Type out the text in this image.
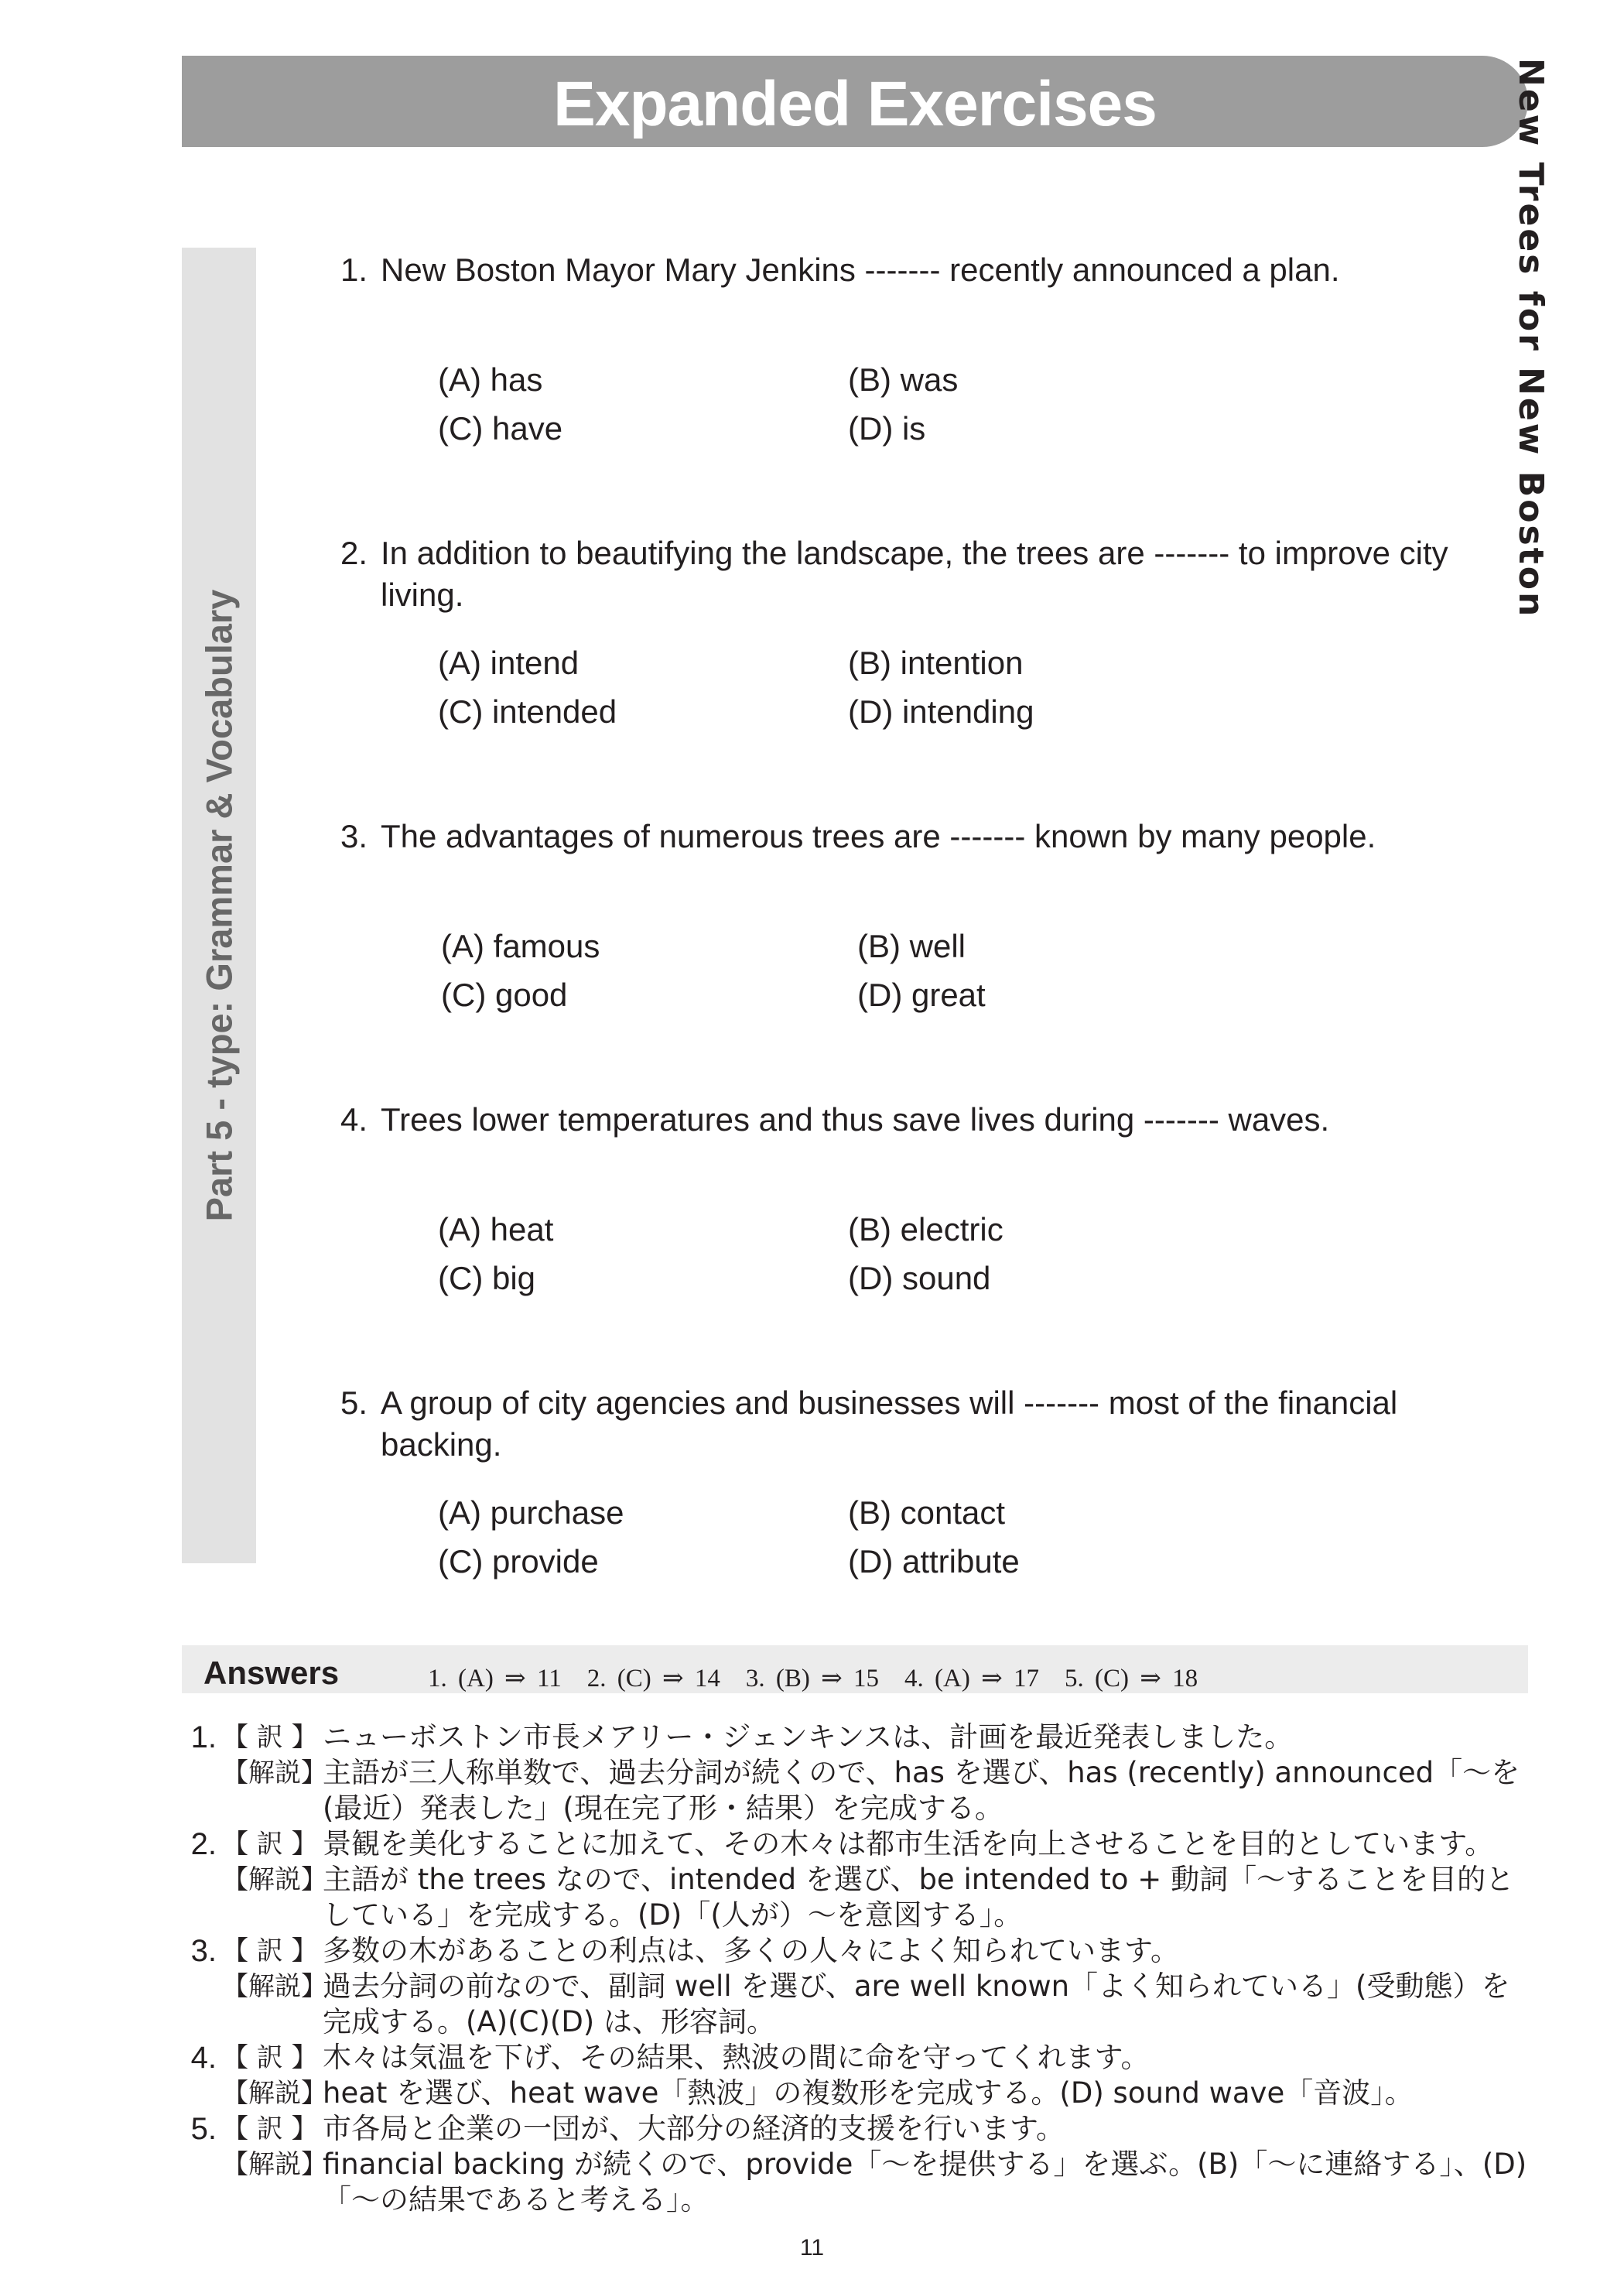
Expanded Exercises	New Trees for New Boston
Part 5 - type: Grammar & Vocabulary
1. New Boston Mayor Mary Jenkins ------- recently announced a plan.
(A) has	(B) was
(C) have	(D) is
2. In addition to beautifying the landscape, the trees are ------- to improve city
living.
(A) intend	(B) intention
(C) intended	(D) intending
3. The advantages of numerous trees are ------- known by many people.
(A) famous	(B) well
(C) good	(D) great
4. Trees lower temperatures and thus save lives during ------- waves.
(A) heat	(B) electric
(C) big	(D) sound
5. A group of city agencies and businesses will ------- most of the financial
backing.
(A) purchase	(B) contact
(C) provide	(D) attribute
Answers	1. (A) ⇒ 11　2. (C) ⇒ 14　3. (B) ⇒ 15　4. (A) ⇒ 17　5. (C) ⇒ 18
1. 【 訳 】 ニューボストン市長メアリー・ジェンキンスは、計画を最近発表しました。
【解説】
主語が三人称単数で、過去分詞が続くので、has を選び、has (recently) announced「〜を
(最近）発表した」(現在完了形・結果）を完成する。
2. 【 訳 】 景観を美化することに加えて、その木々は都市生活を向上させることを目的としています。
【解説】
主語が the trees なので、intended を選び、be intended to + 動詞「〜することを目的と
している」を完成する。(D)「(人が）〜を意図する」。
3. 【 訳 】 多数の木があることの利点は、多くの人々によく知られています。
【解説】
過去分詞の前なので、副詞 well を選び、are well known「よく知られている」(受動態）を
完成する。(A)(C)(D) は、形容詞。
4. 【 訳 】 木々は気温を下げ、その結果、熱波の間に命を守ってくれます。
【解説】
heat を選び、heat wave「熱波」の複数形を完成する。(D) sound wave「音波」。
5. 【 訳 】 市各局と企業の一団が、大部分の経済的支援を行います。
【解説】
financial backing が続くので、provide「〜を提供する」を選ぶ。(B)「〜に連絡する」、(D)
「〜の結果であると考える」。
11
